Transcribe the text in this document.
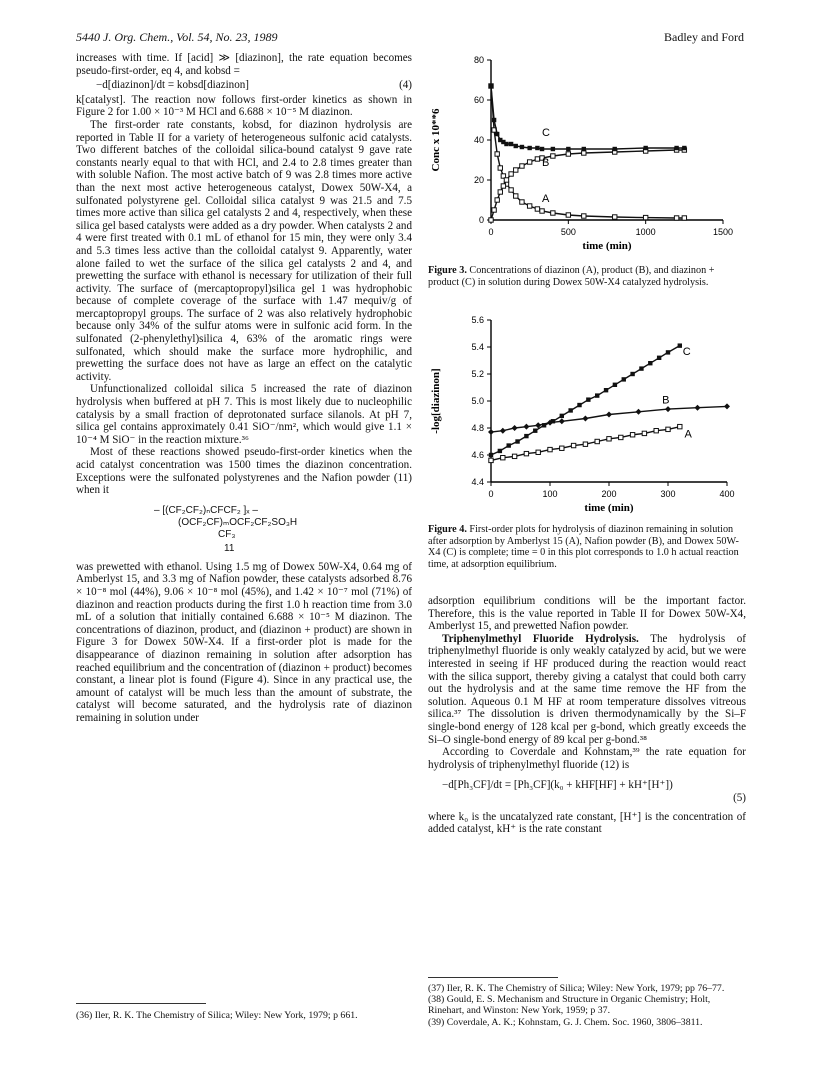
5440 J. Org. Chem., Vol. 54, No. 23, 1989	Badley and Ford

increases with time. If [acid] ≫ [diazinon], the rate equation becomes pseudo-first-order, eq 4, and kobsd =

−d[diazinon]/dt = kobsd[diazinon]	(4)

k[catalyst]. The reaction now follows first-order kinetics as shown in Figure 2 for 1.00 × 10⁻³ M HCl and 6.688 × 10⁻⁵ M diazinon.

The first-order rate constants, kobsd, for diazinon hydrolysis are reported in Table II for a variety of heterogeneous sulfonic acid catalysts. Two different batches of the colloidal silica-bound catalyst 9 gave rate constants nearly equal to that with HCl, and 2.4 to 2.8 times greater than with soluble Nafion. The most active batch of 9 was 2.8 times more active than the next most active heterogeneous catalyst, Dowex 50W-X4, a sulfonated polystyrene gel. Colloidal silica catalyst 9 was 21.5 and 7.5 times more active than silica gel catalysts 2 and 4, respectively, when these silica gel based catalysts were added as a dry powder. When catalysts 2 and 4 were first treated with 0.1 mL of ethanol for 15 min, they were only 3.4 and 5.3 times less active than the colloidal catalyst 9. Apparently, water alone failed to wet the surface of the silica gel catalysts 2 and 4, and prewetting the surface with ethanol is necessary for utilization of their full activity. The surface of (mercaptopropyl)silica gel 1 was hydrophobic because of complete coverage of the surface with 1.47 mequiv/g of mercaptopropyl groups. The surface of 2 was also relatively hydrophobic because only 34% of the sulfur atoms were in sulfonic acid form. In the sulfonated (2-phenylethyl)silica 4, 63% of the aromatic rings were sulfonated, which should make the surface more hydrophilic, and prewetting the surface does not have as large an effect on the catalytic activity.

Unfunctionalized colloidal silica 5 increased the rate of diazinon hydrolysis when buffered at pH 7. This is most likely due to nucleophilic catalysis by a small fraction of deprotonated surface silanols. At pH 7, silica gel contains approximately 0.41 SiO⁻/nm², which would give 1.1 × 10⁻⁴ M SiO⁻ in the reaction mixture.³⁶

Most of these reactions showed pseudo-first-order kinetics when the acid catalyst concentration was 1500 times the diazinon concentration. Exceptions were the sulfonated polystyrenes and the Nafion powder (11) when it

– [(CF₂CF₂)ₙCFCF₂ ]ₓ –
(OCF₂CF)ₘOCF₂CF₂SO₃H
CF₃
11

was prewetted with ethanol. Using 1.5 mg of Dowex 50W-X4, 0.64 mg of Amberlyst 15, and 3.3 mg of Nafion powder, these catalysts adsorbed 8.76 × 10⁻⁸ mol (44%), 9.06 × 10⁻⁸ mol (45%), and 1.42 × 10⁻⁷ mol (71%) of diazinon and reaction products during the first 1.0 h reaction time from 3.0 mL of a solution that initially contained 6.688 × 10⁻⁵ M diazinon. The concentrations of diazinon, product, and (diazinon + product) are shown in Figure 3 for Dowex 50W-X4. If a first-order plot is made for the disappearance of diazinon remaining in solution after adsorption has reached equilibrium and the concentration of (diazinon + product) becomes constant, a linear plot is found (Figure 4). Since in any practical use, the amount of catalyst will be much less than the amount of substrate, the catalyst will become saturated, and the hydrolysis rate of diazinon remaining in solution under

(36) Iler, R. K. The Chemistry of Silica; Wiley: New York, 1979; p 661.
0	500	1000	1500
0
20
40
60
80
time (min)
Conc x 10**6
A
B
C
Figure 3. Concentrations of diazinon (A), product (B), and diazinon + product (C) in solution during Dowex 50W-X4 catalyzed hydrolysis.
0	100	200	300	400
4.4
4.6
4.8
5.0
5.2
5.4
5.6
time (min)
-log[diazinon]
A
B
C
Figure 4. First-order plots for hydrolysis of diazinon remaining in solution after adsorption by Amberlyst 15 (A), Nafion powder (B), and Dowex 50W-X4 (C) is complete; time = 0 in this plot corresponds to 1.0 h actual reaction time, at adsorption equilibrium.

adsorption equilibrium conditions will be the important factor. Therefore, this is the value reported in Table II for Dowex 50W-X4, Amberlyst 15, and prewetted Nafion powder.

Triphenylmethyl Fluoride Hydrolysis. The hydrolysis of triphenylmethyl fluoride is only weakly catalyzed by acid, but we were interested in seeing if HF produced during the reaction would react with the silica support, thereby giving a catalyst that could both carry out the hydrolysis and at the same time remove the HF from the solution. Aqueous 0.1 M HF at room temperature dissolves vitreous silica.³⁷ The dissolution is driven thermodynamically by the Si–F single-bond energy of 128 kcal per g-bond, which greatly exceeds the Si–O single-bond energy of 89 kcal per g-bond.³⁸

According to Coverdale and Kohnstam,³⁹ the rate equation for hydrolysis of triphenylmethyl fluoride (12) is

−d[Ph₃CF]/dt = [Ph₃CF](k₀ + kHF[HF] + kH⁺[H⁺])
(5)

where k₀ is the uncatalyzed rate constant, [H⁺] is the concentration of added catalyst, kH⁺ is the rate constant

(37) Iler, R. K. The Chemistry of Silica; Wiley: New York, 1979; pp 76–77.
(38) Gould, E. S. Mechanism and Structure in Organic Chemistry; Holt, Rinehart, and Winston: New York, 1959; p 37.
(39) Coverdale, A. K.; Kohnstam, G. J. Chem. Soc. 1960, 3806–3811.
